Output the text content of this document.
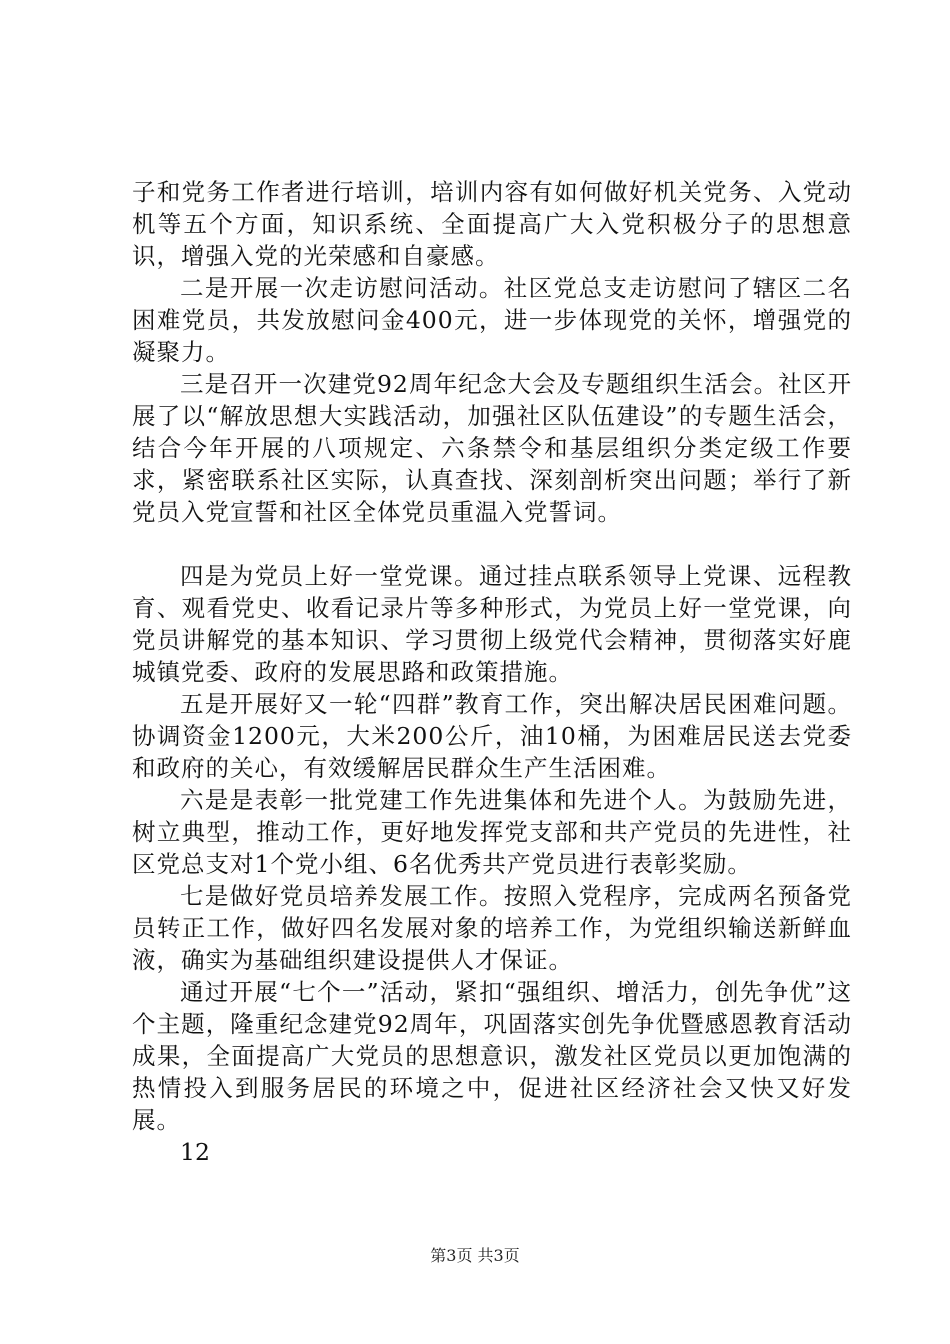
子和党务工作者进行培训，培训内容有如何做好机关党务、入党动机等五个方面，知识系统、全面提高广大入党积极分子的思想意识，增强入党的光荣感和自豪感。

二是开展一次走访慰问活动。社区党总支走访慰问了辖区二名困难党员，共发放慰问金400元，进一步体现党的关怀，增强党的凝聚力。

三是召开一次建党92周年纪念大会及专题组织生活会。社区开展了以“解放思想大实践活动，加强社区队伍建设”的专题生活会，结合今年开展的八项规定、六条禁令和基层组织分类定级工作要求，紧密联系社区实际，认真查找、深刻剖析突出问题；举行了新党员入党宣誓和社区全体党员重温入党誓词。

四是为党员上好一堂党课。通过挂点联系领导上党课、远程教育、观看党史、收看记录片等多种形式，为党员上好一堂党课，向党员讲解党的基本知识、学习贯彻上级党代会精神，贯彻落实好鹿城镇党委、政府的发展思路和政策措施。

五是开展好又一轮“四群”教育工作，突出解决居民困难问题。协调资金1200元，大米200公斤，油10桶，为困难居民送去党委和政府的关心，有效缓解居民群众生产生活困难。

六是是表彰一批党建工作先进集体和先进个人。为鼓励先进，树立典型，推动工作，更好地发挥党支部和共产党员的先进性，社区党总支对1个党小组、6名优秀共产党员进行表彰奖励。

七是做好党员培养发展工作。按照入党程序，完成两名预备党员转正工作，做好四名发展对象的培养工作，为党组织输送新鲜血液，确实为基础组织建设提供人才保证。

通过开展“七个一”活动，紧扣“强组织、增活力，创先争优”这个主题，隆重纪念建党92周年，巩固落实创先争优暨感恩教育活动成果，全面提高广大党员的思想意识，激发社区党员以更加饱满的热情投入到服务居民的环境之中，促进社区经济社会又快又好发展。

12

第3页 共3页
